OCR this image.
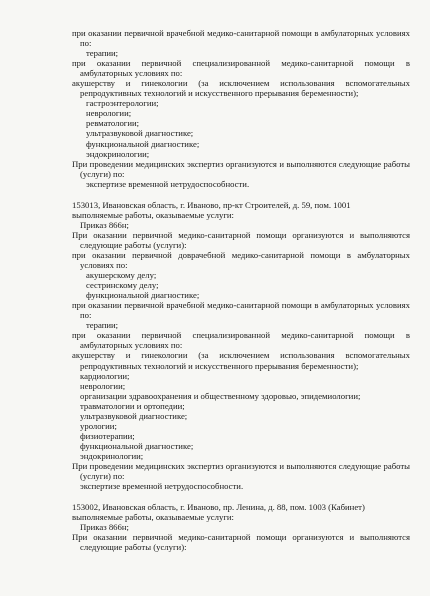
при оказании первичной врачебной медико-санитарной помощи в амбулаторных условиях по:

терапии;

при оказании первичной специализированной медико-санитарной помощи в амбулаторных условиях по:

акушерству и гинекологии (за исключением использования вспомогательных репродуктивных технологий и искусственного прерывания беременности);

гастроэнтерологии;

неврологии;

ревматологии;

ультразвуковой диагностике;

функциональной диагностике;

эндокринологии;

При проведении медицинских экспертиз организуются и выполняются следующие работы (услуги) по:

экспертизе временной нетрудоспособности.

153013, Ивановская область, г. Иваново, пр-кт Строителей, д. 59, пом. 1001

выполняемые работы, оказываемые услуги:

Приказ 866н;

При оказании первичной медико-санитарной помощи организуются и выполняются следующие работы (услуги):

при оказании первичной доврачебной медико-санитарной помощи в амбулаторных условиях по:

акушерскому делу;

сестринскому делу;

функциональной диагностике;

при оказании первичной врачебной медико-санитарной помощи в амбулаторных условиях по:

терапии;

при оказании первичной специализированной медико-санитарной помощи в амбулаторных условиях по:

акушерству и гинекологии (за исключением использования вспомогательных репродуктивных технологий и искусственного прерывания беременности);

кардиологии;

неврологии;

организации здравоохранения и общественному здоровью, эпидемиологии;

травматологии и ортопедии;

ультразвуковой диагностике;

урологии;

физиотерапии;

функциональной диагностике;

эндокринологии;

При проведении медицинских экспертиз организуются и выполняются следующие работы (услуги) по:

экспертизе временной нетрудоспособности.

153002, Ивановская область, г. Иваново, пр. Ленина, д. 88, пом. 1003 (Кабинет)

выполняемые работы, оказываемые услуги:

Приказ 866н;

При оказании первичной медико-санитарной помощи организуются и выполняются следующие работы (услуги):
